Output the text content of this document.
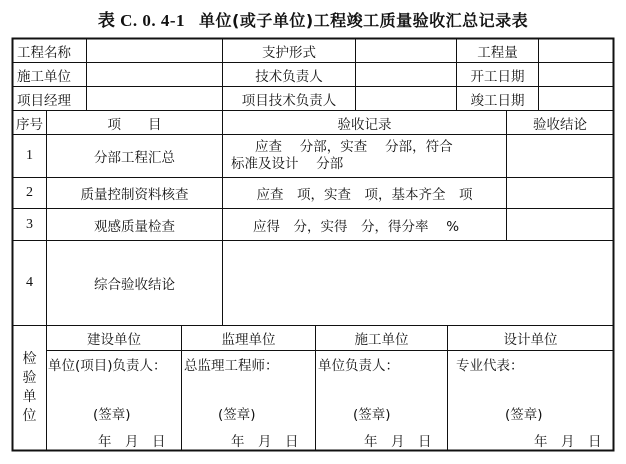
表 C. 0. 4-1 单位(或子单位)工程竣工质量验收汇总记录表
工程名称	支护形式	工程量
施工单位	技术负责人	开工日期
项目经理	项目技术负责人	竣工日期
序号	项　　目	验收记录	验收结论
1	分部工程汇总
应查　 分部，实查　 分部，符合
标准及设计　 分部
2	质量控制资料核查	应查　项，实查　项，基本齐全　项
3	观感质量检查	应得　分，实得　分，得分率　 %
4	综合验收结论
检
验
单
位
建设单位	监理单位	施工单位	设计单位
单位(项目)负责人：	总监理工程师：	单位负责人：	专业代表：
(签章)	(签章)	(签章)	(签章)
年　月　日	年　月　日	年　月　日	年　月　日
